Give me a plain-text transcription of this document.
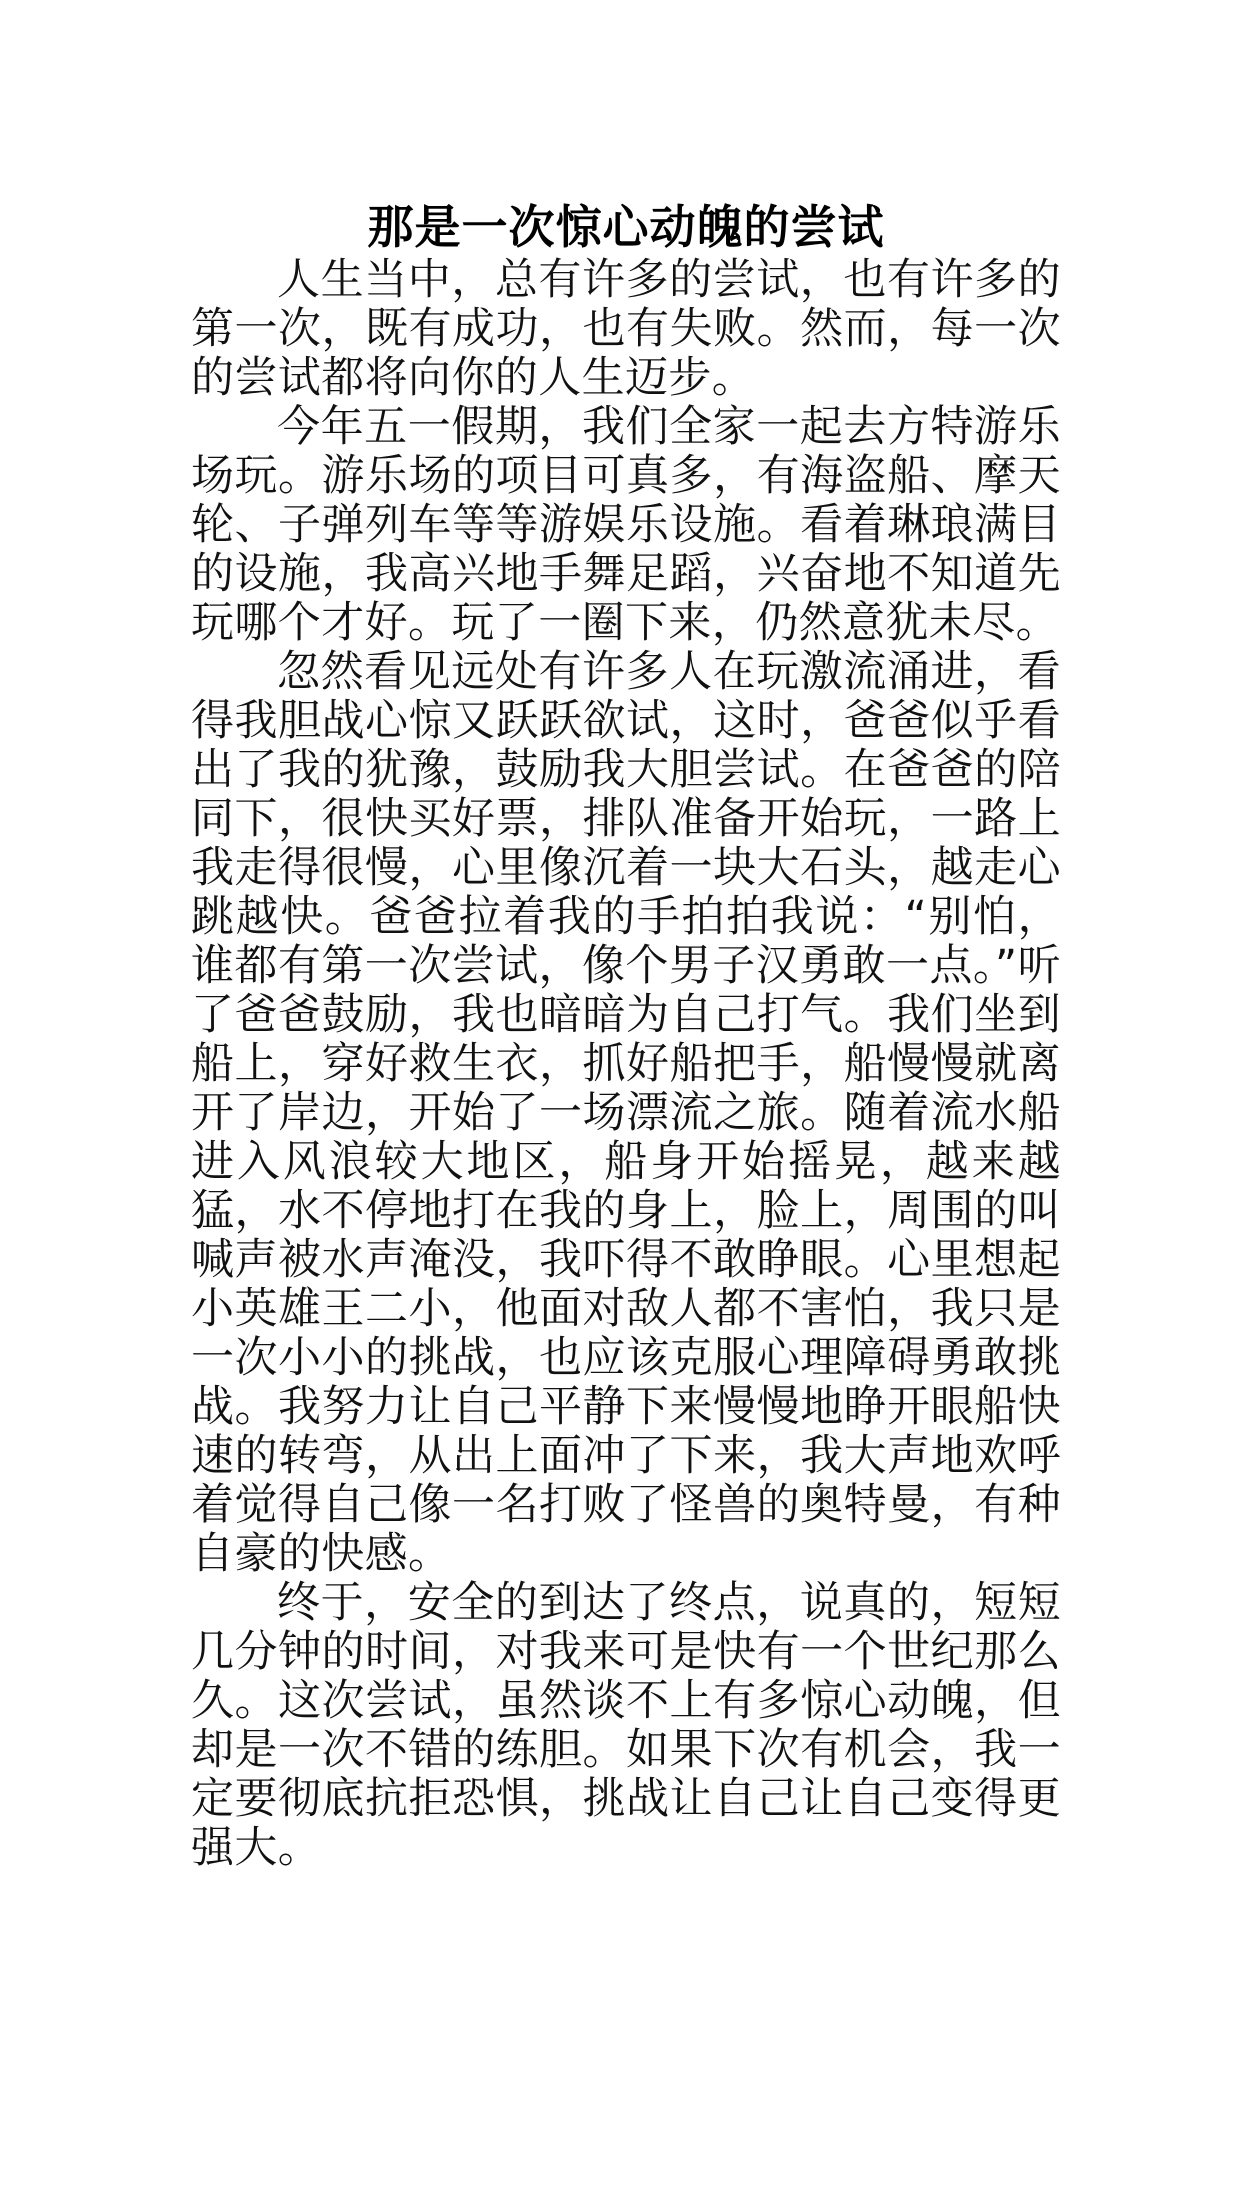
那是一次惊心动魄的尝试

人生当中，总有许多的尝试，也有许多的第一次，既有成功，也有失败。然而，每一次的尝试都将向你的人生迈步。

今年五一假期，我们全家一起去方特游乐场玩。游乐场的项目可真多，有海盗船、摩天轮、子弹列车等等游娱乐设施。看着琳琅满目的设施，我高兴地手舞足蹈，兴奋地不知道先玩哪个才好。玩了一圈下来，仍然意犹未尽。

忽然看见远处有许多人在玩激流涌进，看得我胆战心惊又跃跃欲试，这时，爸爸似乎看出了我的犹豫，鼓励我大胆尝试。在爸爸的陪同下，很快买好票，排队准备开始玩，一路上我走得很慢，心里像沉着一块大石头，越走心跳越快。爸爸拉着我的手拍拍我说：“别怕，谁都有第一次尝试，像个男子汉勇敢一点。”听了爸爸鼓励，我也暗暗为自己打气。我们坐到船上，穿好救生衣，抓好船把手，船慢慢就离开了岸边，开始了一场漂流之旅。随着流水船进入风浪较大地区，船身开始摇晃，越来越猛，水不停地打在我的身上，脸上，周围的叫喊声被水声淹没，我吓得不敢睁眼。心里想起小英雄王二小，他面对敌人都不害怕，我只是一次小小的挑战，也应该克服心理障碍勇敢挑战。我努力让自己平静下来慢慢地睁开眼船快速的转弯，从出上面冲了下来，我大声地欢呼着觉得自己像一名打败了怪兽的奥特曼，有种自豪的快感。

终于，安全的到达了终点，说真的，短短几分钟的时间，对我来可是快有一个世纪那么久。这次尝试，虽然谈不上有多惊心动魄，但却是一次不错的练胆。如果下次有机会，我一定要彻底抗拒恐惧，挑战让自己让自己变得更强大。
